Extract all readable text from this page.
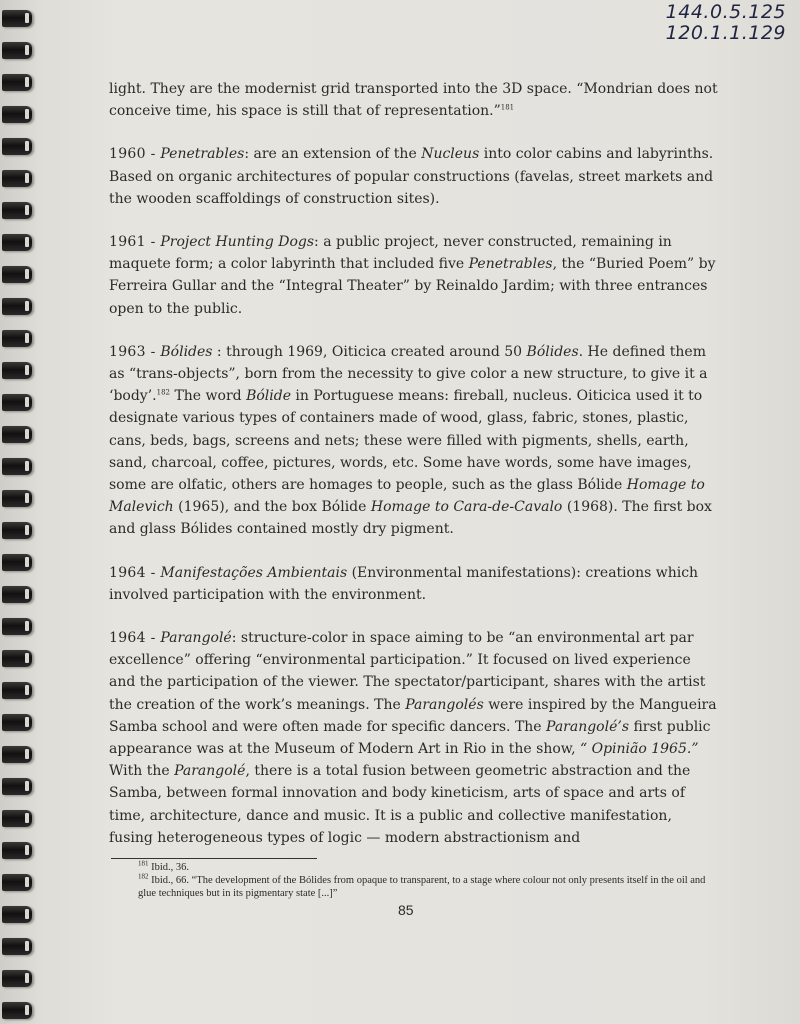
144.0.5.125
120.1.1.129

light. They are the modernist grid transported into the 3D space. “Mondrian does not conceive time, his space is still that of representation.”$^{181}$

1960 - Penetrables: are an extension of the Nucleus into color cabins and labyrinths. Based on organic architectures of popular constructions (favelas, street markets and the wooden scaffoldings of construction sites).

1961 - Project Hunting Dogs: a public project, never constructed, remaining in maquete form; a color labyrinth that included five Penetrables, the “Buried Poem” by Ferreira Gullar and the “Integral Theater” by Reinaldo Jardim; with three entrances open to the public.

1963 - Bólides : through 1969, Oiticica created around 50 Bólides. He defined them as “trans-objects”, born from the necessity to give color a new structure, to give it a ‘body’.$^{182}$ The word Bólide in Portuguese means: fireball, nucleus. Oiticica used it to designate various types of containers made of wood, glass, fabric, stones, plastic, cans, beds, bags, screens and nets; these were filled with pigments, shells, earth, sand, charcoal, coffee, pictures, words, etc. Some have words, some have images, some are olfatic, others are homages to people, such as the glass Bólide Homage to Malevich (1965), and the box Bólide Homage to Cara-de-Cavalo (1968). The first box and glass Bólides contained mostly dry pigment.

1964 - Manifestações Ambientais (Environmental manifestations): creations which involved participation with the environment.

1964 - Parangolé: structure-color in space aiming to be “an environmental art par excellence” offering “environmental participation.” It focused on lived experience and the participation of the viewer. The spectator/participant, shares with the artist the creation of the work’s meanings. The Parangolés were inspired by the Mangueira Samba school and were often made for specific dancers. The Parangolé’s first public appearance was at the Museum of Modern Art in Rio in the show, “ Opinião 1965.” With the Parangolé, there is a total fusion between geometric abstraction and the Samba, between formal innovation and body kineticism, arts of space and arts of time, architecture, dance and music. It is a public and collective manifestation, fusing heterogeneous types of logic — modern abstractionism and

$^{181}$ Ibid., 36.
$^{182}$ Ibid., 66. “The development of the Bólides from opaque to transparent, to a stage where colour not only presents itself in the oil and glue techniques but in its pigmentary state [...]”
85
